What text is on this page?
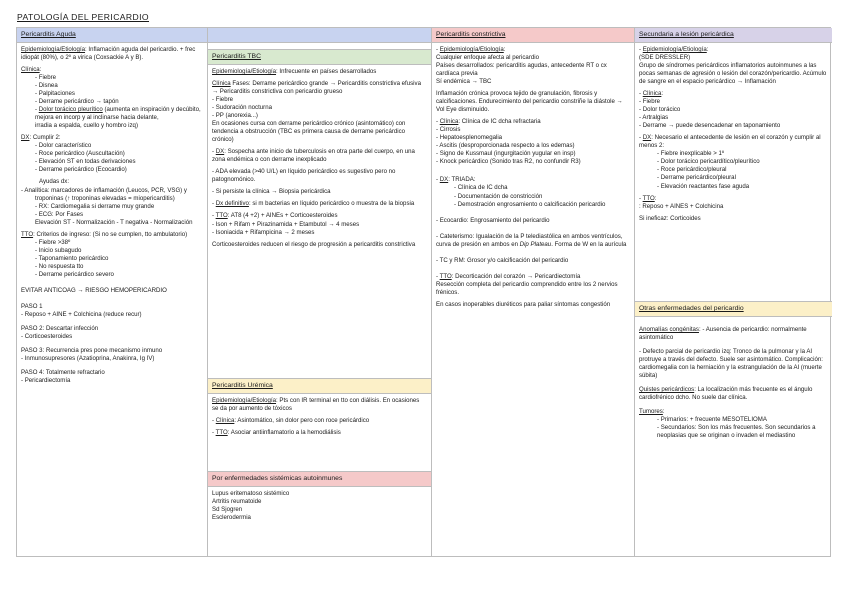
PATOLOGÍA DEL PERICARDIO
Pericarditis Aguda

Epidemiología/Etiología: Inflamación aguda del pericardio. + frec idiopát (80%), o 2º a virica (Coxsackie A y B).

Clínica:

- Fiebre
- Disnea
- Palpitaciones
- Derrame pericárdico → tapón
- Dolor torácico pleurítico (aumenta en inspiración y decúbito, mejora en incorp y al inclinarse hacia delante,

irradia a espalda, cuello y hombro izq)

DX: Cumplir 2:

- Dolor característico
- Roce pericárdico (Auscultación)
- Elevación ST en todas derivaciones
- Derrame pericárdico (Ecocardio)
Ayudas dx:
- Analítica: marcadores de inflamación (Leucos, PCR, VSG) y
troponinas (↑ troponinas elevadas = miopericarditis)
- RX: Cardiomegalia si derrame muy grande
- ECG: Por Fases

Elevación ST - Normalización - T negativa - Normalización

TTO: Criterios de ingreso: (Si no se cumplen, tto ambulatorio)

- Fiebre >38º
- Inicio subagudo
- Taponamiento pericárdico
- No respuesta tto
- Derrame pericárdico severo

EVITAR ANTICOAG → RIESGO HEMOPERICARDIO

PASO 1
- Reposo + AINE + Colchicina (reduce recur)
PASO 2: Descartar infección
- Corticoesteroides
PASO 3: Recurrencia pres pone mecanismo inmuno
- Inmunosupresores (Azatioprina, Anakinra, Ig IV)
PASO 4: Totalmente refractario
- Pericardiectomía
Pericarditis TBC

Epidemiología/Etiología: Infrecuente en países desarrollados

Clínica Fases: Derrame pericárdico grande → Pericarditis constrictiva efusiva → Pericarditis constrictiva con pericardio grueso

- Fiebre
- Sudoración nocturna
- PP (anorexia...)

En ocasiones cursa con derrame pericárdico crónico (asintomático) con tendencia a obstrucción (TBC es primera causa de derrame pericárdico crónico)

- DX: Sospecha ante inicio de tuberculosis en otra parte del cuerpo, en una zona endémica o con derrame inexplicado

- ADA elevada (>40 U/L) en líquido pericárdico es sugestivo pero no patognomónico.

- Si persiste la clínica → Biopsia pericárdica

- Dx definitivo: si m bacterias en líquido pericárdico o muestra de la biopsia

- TTO: AT8 (4 +2) + AINEs + Corticoesteroides
- Ison + Rifam + Pirazinamida + Etambutol → 4 meses

- Isoniacida + Rifampicina → 2 meses

Corticoesteroides reducen el riesgo de progresión a pericarditis constrictiva

Pericarditis Urémica

Epidemiología/Etiología: Pts con IR terminal en tto con diálisis. En ocasiones se da por aumento de tóxicos

- Clínica: Asintomático, sin dolor pero con roce pericárdico

- TTO: Asociar antiinflamatorio a la hemodiálisis

Por enfermedades sistémicas autoinmunes
Lupus eritematoso sistémico
Artritis reumatoide
Sd Sjogren
Esclerodermia
Pericarditis constrictiva
- Epidemiología/Etiología:
Cualquier enfoque afecta al pericardio
Países desarrollados: pericarditis agudas, antecedente RT o cx cardíaca previa

Sí endémica → TBC

Inflamación crónica provoca tejido de granulación, fibrosis y calcificaciones. Endurecimiento del pericardio constriñe la diástole → Vol Eye disminuido.

- Clínica: Clínica de IC dcha refractaria

- Cirrosis
- Hepatoesplenomegalia
- Ascitis (desproporcionada respecto a los edemas)
- Signo de Kussmaul (ingurgitación yugular en insp)

- Knock pericárdico (Sonido tras R2, no confundir R3)

- DX: TRIADA:
- Clínica de IC dcha
- Documentación de constricción
- Demostración engrosamiento o calcificación pericardio

- Ecocardio: Engrosamiento del pericardio

- Cateterismo: Igualación de la P telediastólica en ambos ventrículos, curva de presión en ambos en Dip Plateau. Forma de W en la aurícula

- TC y RM: Grosor y/o calcificación del pericardio

- TTO: Decorticación del corazón → Pericardiectomía

Resección completa del pericardio comprendido entre los 2 nervios frénicos.

En casos inoperables diuréticos para paliar síntomas congestión

Secundaria a lesión pericárdica
- Epidemiología/Etiología:
(SDE DRESSLER)

Grupo de síndromes pericárdicos inflamatorios autoinmunes a las pocas semanas de agresión o lesión del corazón/pericardio. Acúmulo de sangre en el espacio pericárdico → Inflamación

- Clínica:
- Fiebre
- Dolor torácico
- Artralgias

- Derrame → puede desencadenar en taponamiento

- DX: Necesario el antecedente de lesión en el corazón y cumplir al menos 2:
- Fiebre inexplicable > 1º
- Dolor torácico pericardítico/pleurítico
- Roce pericárdico/pleural
- Derrame pericárdico/pleural
- Elevación reactantes fase aguda
- TTO:

: Reposo + AINES + Colchicina

Si ineficaz: Corticoides

Otras enfermedades del pericardio

Anomalías congénitas: - Ausencia de pericardio: normalmente asintomático

- Defecto parcial de pericardio izq: Tronco de la pulmonar y la AI protruye a través del defecto. Suele ser asintomático. Complicación: cardiomegalia con la herniación y la estrangulación de la AI (muerte súbita)

Quistes pericárdicos: La localización más frecuente es el ángulo cardiofrénico dcho. No suele dar clínica.

Tumores:
- Primarios: + frecuente MESOTELIOMA
- Secundarios: Son los más frecuentes. Son secundarios a neoplasias que se originan o invaden el mediastino
